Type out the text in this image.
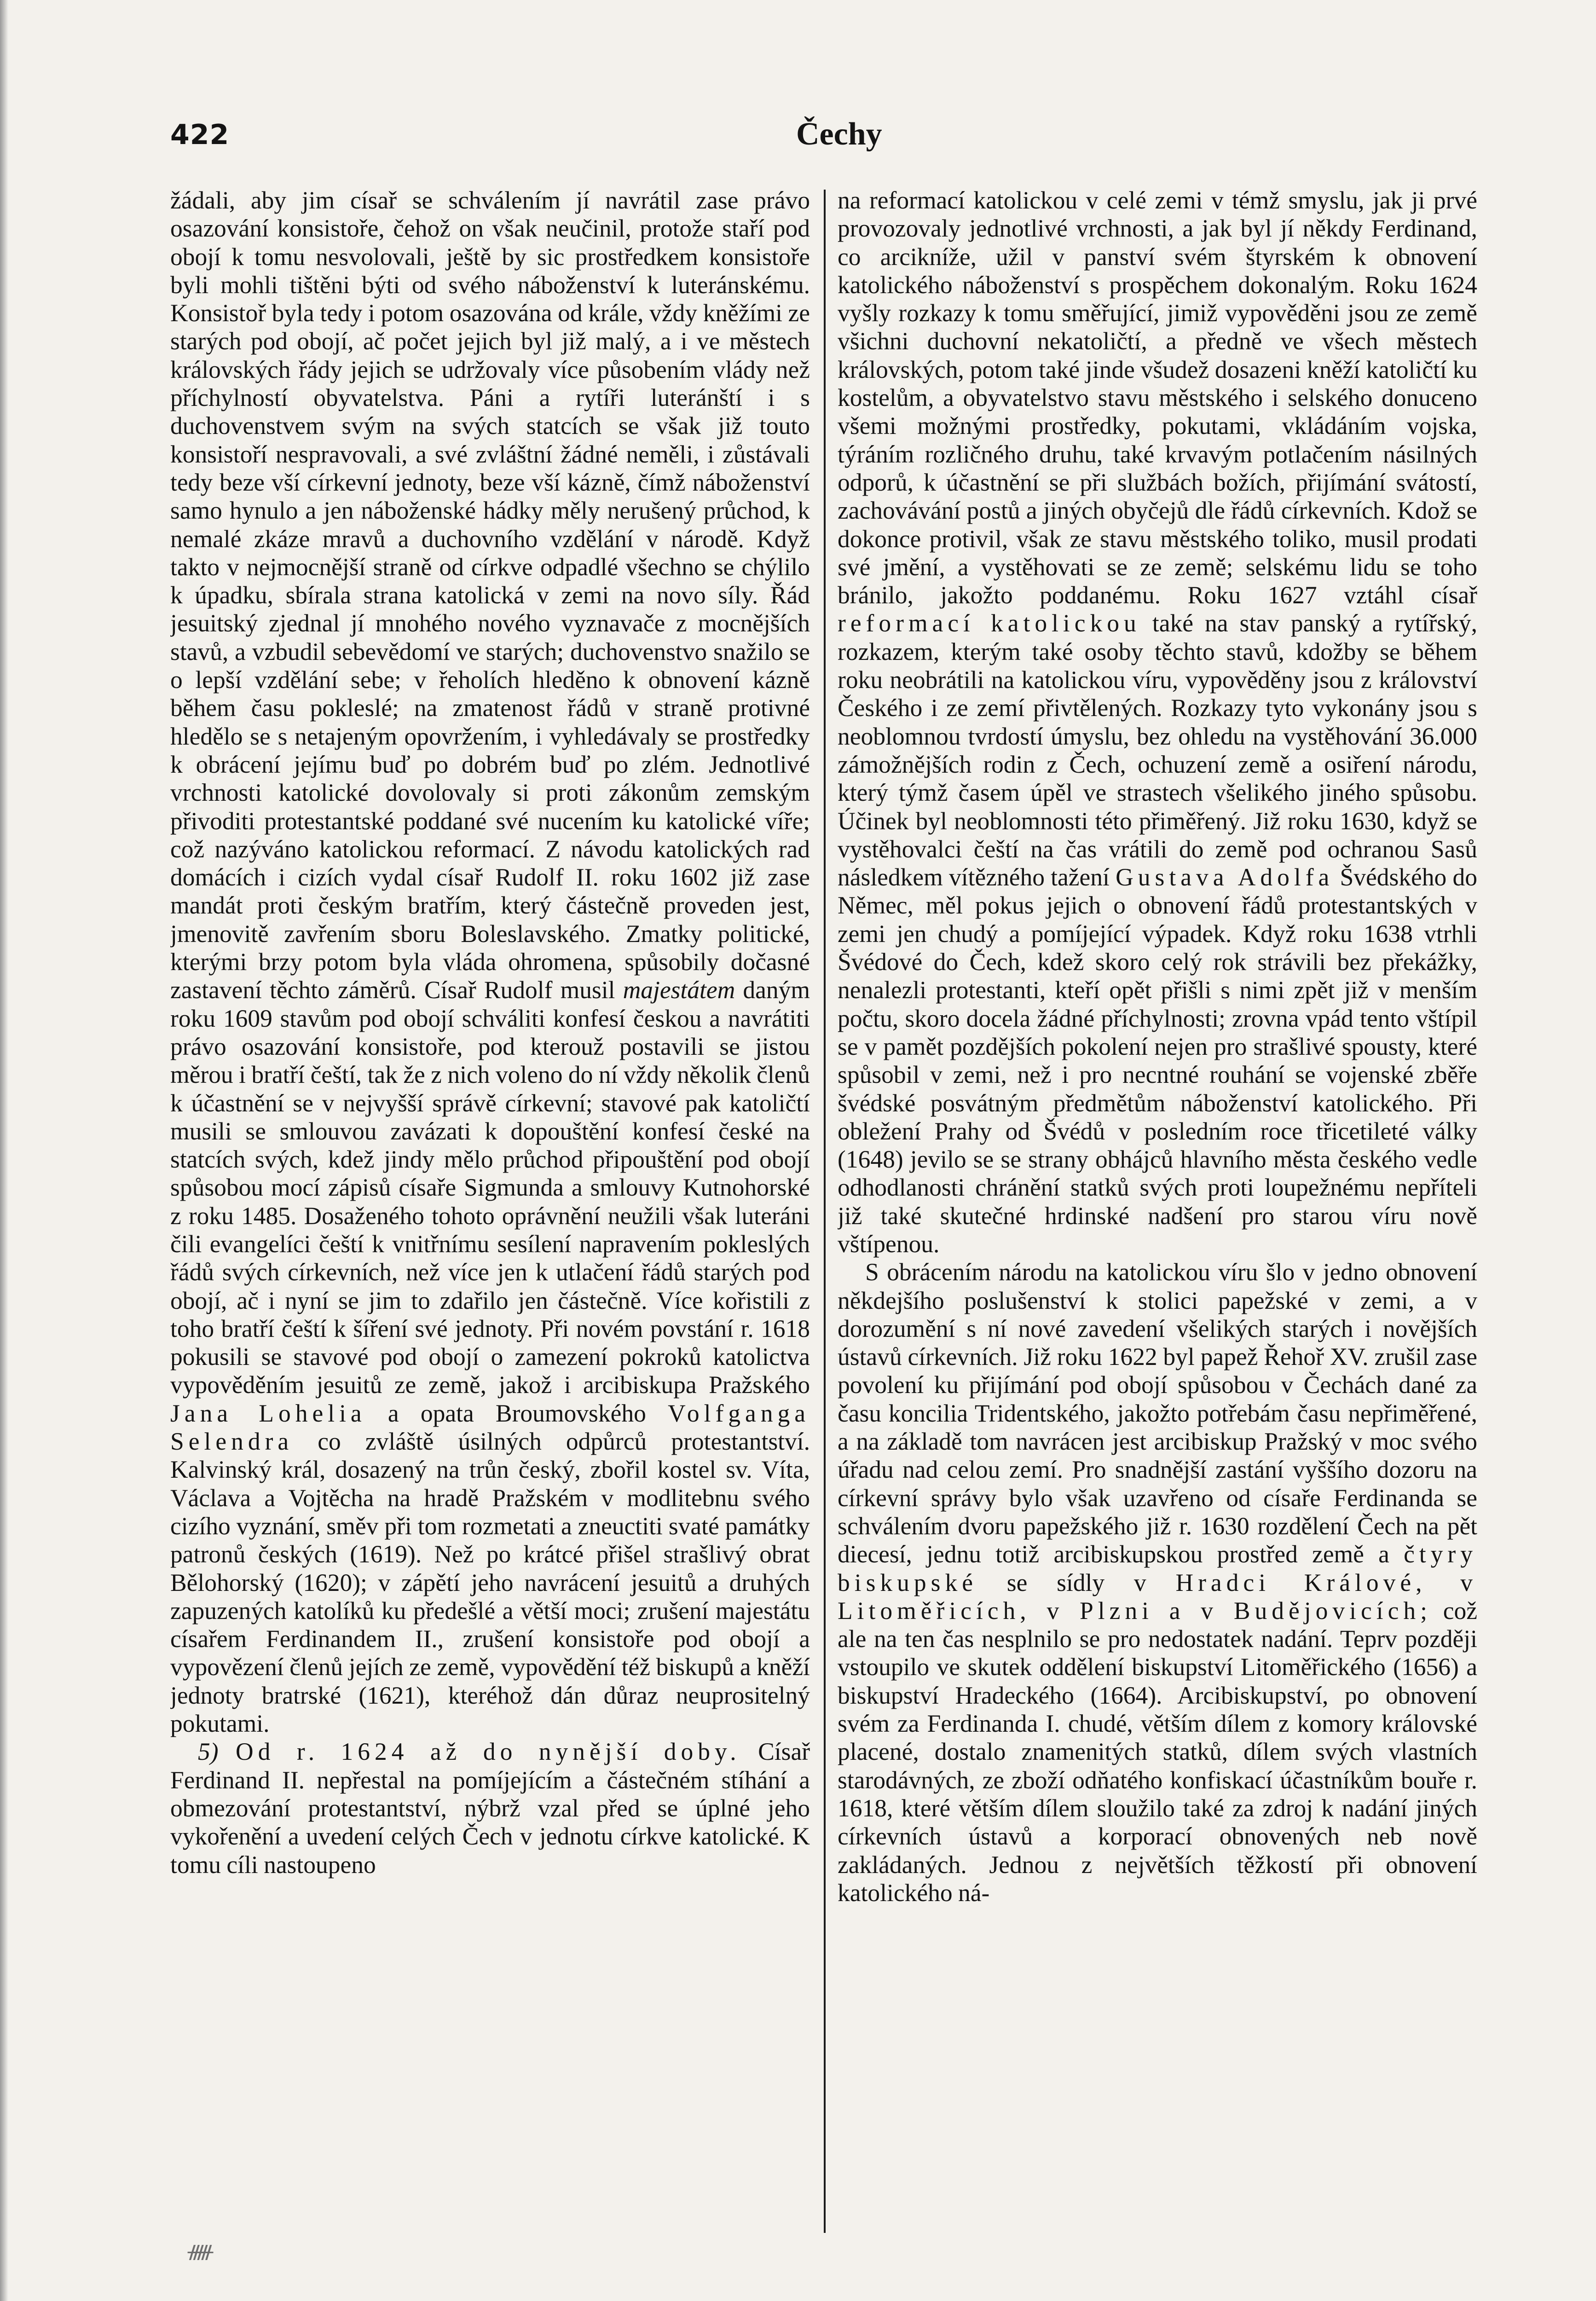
422	Čechy

žádali, aby jim císař se schválením jí navrátil zase právo osazování konsistoře, čehož on však neučinil, protože staří pod obojí k tomu nesvolovali, ještě by sic prostředkem konsistoře byli mohli tištěni býti od svého náboženství k luteránskému. Konsistoř byla tedy i potom osazována od krále, vždy kněžími ze starých pod obojí, ač počet jejich byl již malý, a i ve městech královských řády jejich se udržovaly více působením vlády než příchylností obyvatelstva. Páni a rytíři luteránští i s duchovenstvem svým na svých statcích se však již touto konsistoří nespravovali, a své zvláštní žádné neměli, i zůstávali tedy beze vší církevní jednoty, beze vší kázně, čímž náboženství samo hynulo a jen náboženské hádky měly nerušený průchod, k nemalé zkáze mravů a duchovního vzdělání v národě. Když takto v nejmocnější straně od církve odpadlé všechno se chýlilo k úpadku, sbírala strana katolická v zemi na novo síly. Řád jesuitský zjednal jí mnohého nového vyznavače z mocnějších stavů, a vzbudil sebevědomí ve starých; duchovenstvo snažilo se o lepší vzdělání sebe; v řeholích hleděno k obnovení kázně během času pokleslé; na zmatenost řádů v straně protivné hledělo se s netajeným opovržením, i vyhledávaly se prostředky k obrácení jejímu buď po dobrém buď po zlém. Jednotlivé vrchnosti katolické dovolovaly si proti zákonům zemským přivoditi protestantské poddané své nucením ku katolické víře; což nazýváno katolickou reformací. Z návodu katolických rad domácích i cizích vydal císař Rudolf II. roku 1602 již zase mandát proti českým bratřím, který částečně proveden jest, jmenovitě zavřením sboru Boleslavského. Zmatky politické, kterými brzy potom byla vláda ohromena, spůsobily dočasné zastavení těchto záměrů. Císař Rudolf musil majestátem daným roku 1609 stavům pod obojí schváliti konfesí českou a navrátiti právo osazování konsistoře, pod kterouž postavili se jistou měrou i bratří čeští, tak že z nich voleno do ní vždy několik členů k účastnění se v nejvyšší správě církevní; stavové pak katoličtí musili se smlouvou zavázati k dopouštění konfesí české na statcích svých, kdež jindy mělo průchod připouštění pod obojí spůsobou mocí zápisů císaře Sigmunda a smlouvy Kutnohorské z roku 1485. Dosaženého tohoto oprávnění neužili však luteráni čili evangelíci čeští k vnitřnímu sesílení napravením pokleslých řádů svých církevních, než více jen k utlačení řádů starých pod obojí, ač i nyní se jim to zdařilo jen částečně. Více kořistili z toho bratří čeští k šíření své jednoty. Při novém povstání r. 1618 pokusili se stavové pod obojí o zamezení pokroků katolictva vypověděním jesuitů ze země, jakož i arcibiskupa Pražského Jana Lohelia a opata Broumovského Volfganga Selendra co zvláště úsilných odpůrců protestantství. Kalvinský král, dosazený na trůn český, zbořil kostel sv. Víta, Václava a Vojtěcha na hradě Pražském v modlitebnu svého cizího vyznání, směv při tom rozmetati a zneuctiti svaté památky patronů českých (1619). Než po krátcé přišel strašlivý obrat Bělohorský (1620); v zápětí jeho navrácení jesuitů a druhých zapuzených katolíků ku předešlé a větší moci; zrušení majestátu císařem Ferdinandem II., zrušení konsistoře pod obojí a vypovězení členů jejích ze země, vypovědění též biskupů a kněží jednoty bratrské (1621), kteréhož dán důraz neuprositelný pokutami.

5) Od r. 1624 až do nynější doby. Císař Ferdinand II. nepřestal na pomíjejícím a částečném stíhání a obmezování protestantství, nýbrž vzal před se úplné jeho vykořenění a uvedení celých Čech v jednotu církve katolické. K tomu cíli nastoupeno

na reformací katolickou v celé zemi v témž smyslu, jak ji prvé provozovaly jednotlivé vrchnosti, a jak byl jí někdy Ferdinand, co arcikníže, užil v panství svém štyrském k obnovení katolického náboženství s prospěchem dokonalým. Roku 1624 vyšly rozkazy k tomu směřující, jimiž vypověděni jsou ze země všichni duchovní nekatoličtí, a předně ve všech městech královských, potom také jinde všudež dosazeni kněží katoličtí ku kostelům, a obyvatelstvo stavu městského i selského donuceno všemi možnými prostředky, pokutami, vkládáním vojska, týráním rozličného druhu, také krvavým potlačením násilných odporů, k účastnění se při službách božích, přijímání svátostí, zachovávání postů a jiných obyčejů dle řádů církevních. Kdož se dokonce protivil, však ze stavu městského toliko, musil prodati své jmění, a vystěhovati se ze země; selskému lidu se toho bránilo, jakožto poddanému. Roku 1627 vztáhl císař reformací katolickou také na stav panský a rytířský, rozkazem, kterým také osoby těchto stavů, kdožby se během roku neobrátili na katolickou víru, vypověděny jsou z království Českého i ze zemí přivtělených. Rozkazy tyto vykonány jsou s neoblomnou tvrdostí úmyslu, bez ohledu na vystěhování 36.000 zámožnějších rodin z Čech, ochuzení země a osiření národu, který týmž časem úpěl ve strastech všelikého jiného spůsobu. Účinek byl neoblomnosti této přiměřený. Již roku 1630, když se vystěhovalci čeští na čas vrátili do země pod ochranou Sasů následkem vítězného tažení Gustava Adolfa Švédského do Němec, měl pokus jejich o obnovení řádů protestantských v zemi jen chudý a pomíjející výpadek. Když roku 1638 vtrhli Švédové do Čech, kdež skoro celý rok strávili bez překážky, nenalezli protestanti, kteří opět přišli s nimi zpět již v menším počtu, skoro docela žádné příchylnosti; zrovna vpád tento vštípil se v pamět pozdějších pokolení nejen pro strašlivé spousty, které spůsobil v zemi, než i pro necntné rouhání se vojenské zběře švédské posvátným předmětům náboženství katolického. Při obležení Prahy od Švédů v posledním roce třicetileté války (1648) jevilo se se strany obhájců hlavního města českého vedle odhodlanosti chránění statků svých proti loupežnému nepříteli již také skutečné hrdinské nadšení pro starou víru nově vštípenou.

S obrácením národu na katolickou víru šlo v jedno obnovení někdejšího poslušenství k stolici papežské v zemi, a v dorozumění s ní nové zavedení všelikých starých i novějších ústavů církevních. Již roku 1622 byl papež Řehoř XV. zrušil zase povolení ku přijímání pod obojí spůsobou v Čechách dané za času koncilia Tridentského, jakožto potřebám času nepřiměřené, a na základě tom navrácen jest arcibiskup Pražský v moc svého úřadu nad celou zemí. Pro snadnější zastání vyššího dozoru na církevní správy bylo však uzavřeno od císaře Ferdinanda se schválením dvoru papežského již r. 1630 rozdělení Čech na pět diecesí, jednu totiž arcibiskupskou prostřed země a čtyry biskupské se sídly v Hradci Králové, v Litoměřicích, v Plzni a v Budějovicích; což ale na ten čas nesplnilo se pro nedostatek nadání. Teprv později vstoupilo ve skutek oddělení biskupství Litoměřického (1656) a biskupství Hradeckého (1664). Arcibiskupství, po obnovení svém za Ferdinanda I. chudé, větším dílem z komory královské placené, dostalo znamenitých statků, dílem svých vlastních starodávných, ze zboží odňatého konfiskací účastníkům bouře r. 1618, které větším dílem sloužilo také za zdroj k nadání jiných církevních ústavů a korporací obnovených neb nově zakládaných. Jednou z největších těžkostí při obnovení katolického ná-

ᚏ
